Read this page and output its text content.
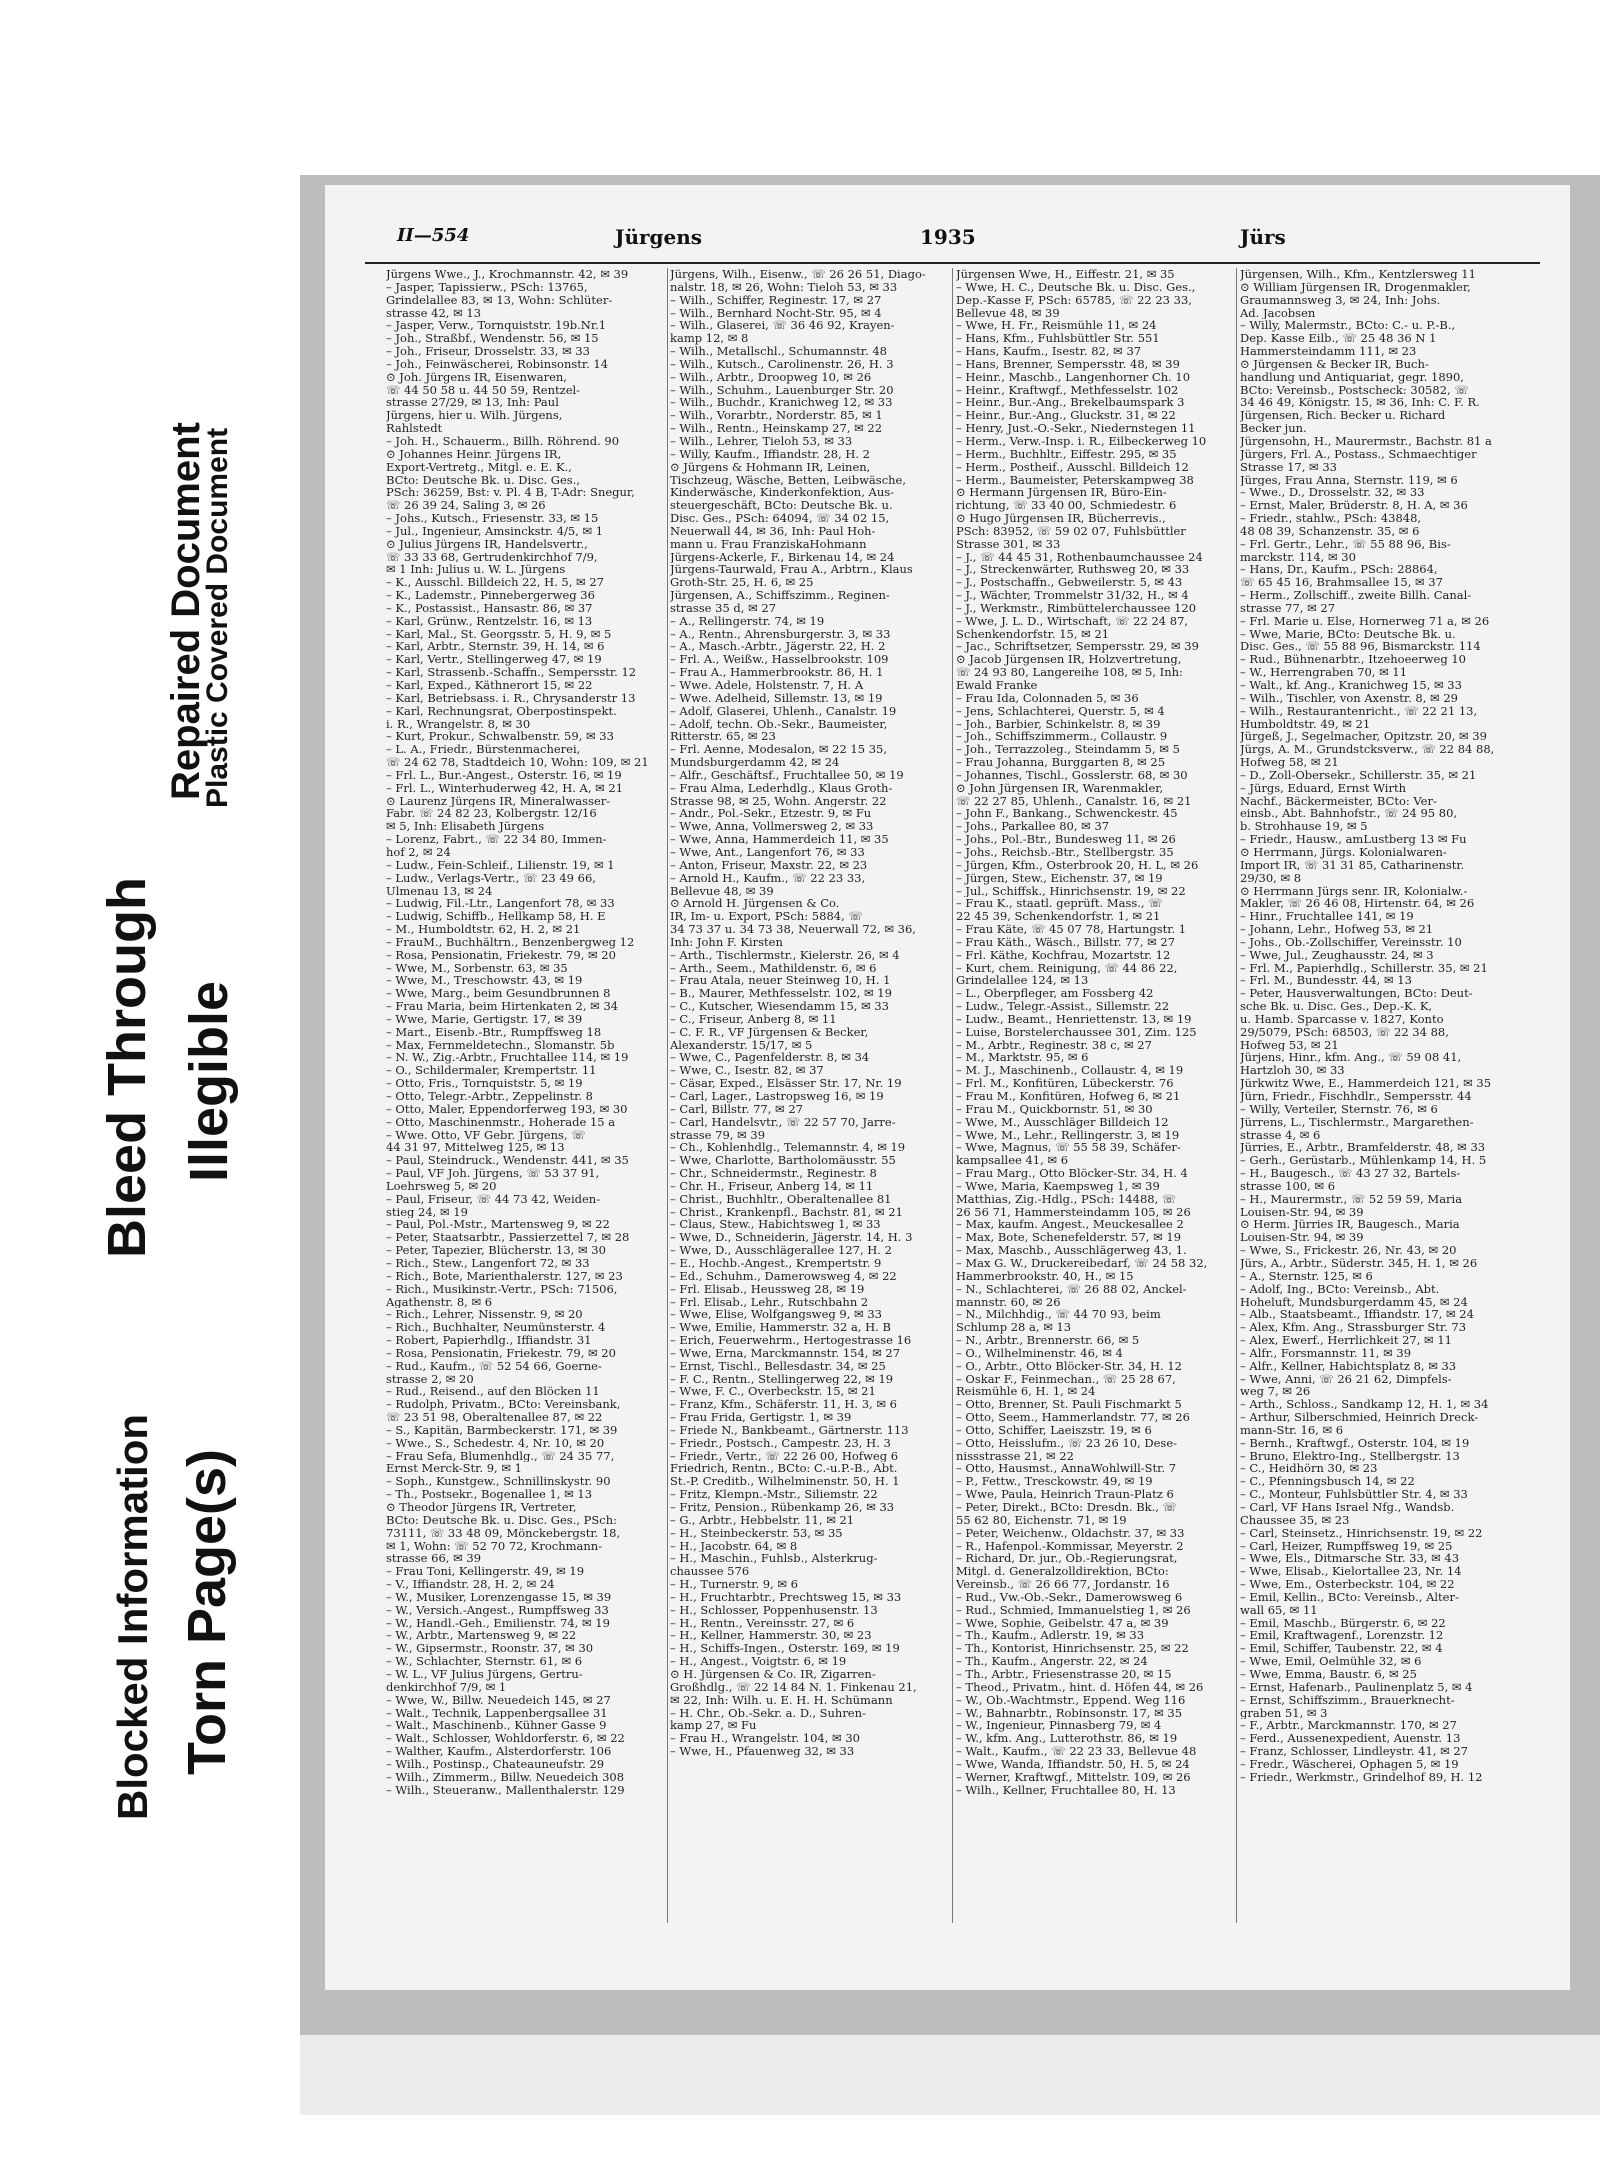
Repaired Document
Plastic Covered Document
Bleed Through Illegible
Blocked Information Torn Page(s)
II—554	Jürgens	1935	Jürs
Jürgens Wwe., J., Krochmannstr. 42, ✉ 39
– Jasper, Tapissierw., PSch: 13765,
Grindelallee 83, ✉ 13, Wohn: Schlüter-
strasse 42, ✉ 13
– Jasper, Verw., Tornquiststr. 19b.Nr.1
– Joh., Straßbf., Wendenstr. 56, ✉ 15
– Joh., Friseur, Drosselstr. 33, ✉ 33
– Joh., Feinwäscherei, Robinsonstr. 14
⊙ Joh. Jürgens IR, Eisenwaren,
☏ 44 50 58 u. 44 50 59, Rentzel-
strasse 27/29, ✉ 13, Inh: Paul
Jürgens, hier u. Wilh. Jürgens,
Rahlstedt
– Joh. H., Schauerm., Billh. Röhrend. 90
⊙ Johannes Heinr. Jürgens IR,
Export-Vertretg., Mitgl. e. E. K.,
BCto: Deutsche Bk. u. Disc. Ges.,
PSch: 36259, Bst: v. Pl. 4 B, T-Adr: Snegur,
☏ 26 39 24, Saling 3, ✉ 26
– Johs., Kutsch., Friesenstr. 33, ✉ 15
– Jul., Ingenieur, Amsinckstr. 4/5, ✉ 1
⊙ Julius Jürgens IR, Handelsvertr.,
☏ 33 33 68, Gertrudenkirchhof 7/9,
✉ 1 Inh: Julius u. W. L. Jürgens
– K., Ausschl. Billdeich 22, H. 5, ✉ 27
– K., Lademstr., Pinnebergerweg 36
– K., Postassist., Hansastr. 86, ✉ 37
– Karl, Grünw., Rentzelstr. 16, ✉ 13
– Karl, Mal., St. Georgsstr. 5, H. 9, ✉ 5
– Karl, Arbtr., Sternstr. 39, H. 14, ✉ 6
– Karl, Vertr., Stellingerweg 47, ✉ 19
– Karl, Strassenb.-Schaffn., Sempersstr. 12
– Karl, Exped., Käthnerort 15, ✉ 22
– Karl, Betriebsass. i. R., Chrysanderstr 13
– Karl, Rechnungsrat, Oberpostinspekt.
i. R., Wrangelstr. 8, ✉ 30
– Kurt, Prokur., Schwalbenstr. 59, ✉ 33
– L. A., Friedr., Bürstenmacherei,
☏ 24 62 78, Stadtdeich 10, Wohn: 109, ✉ 21
– Frl. L., Bur.-Angest., Osterstr. 16, ✉ 19
– Frl. L., Winterhuderweg 42, H. A, ✉ 21
⊙ Laurenz Jürgens IR, Mineralwasser-
Fabr. ☏ 24 82 23, Kolbergstr. 12/16
✉ 5, Inh: Elisabeth Jürgens
– Lorenz, Fabrt., ☏ 22 34 80, Immen-
hof 2, ✉ 24
– Ludw., Fein-Schleif., Lilienstr. 19, ✉ 1
– Ludw., Verlags-Vertr., ☏ 23 49 66,
Ulmenau 13, ✉ 24
– Ludwig, Fil.-Ltr., Langenfort 78, ✉ 33
– Ludwig, Schiffb., Hellkamp 58, H. E
– M., Humboldtstr. 62, H. 2, ✉ 21
– FrauM., Buchhältrn., Benzenbergweg 12
– Rosa, Pensionatin, Friekestr. 79, ✉ 20
– Wwe, M., Sorbenstr. 63, ✉ 35
– Wwe, M., Treschowstr. 43, ✉ 19
– Wwe, Marg., beim Gesundbrunnen 8
– Frau Maria, beim Hirtenkaten 2, ✉ 34
– Wwe, Marie, Gertigstr. 17, ✉ 39
– Mart., Eisenb.-Btr., Rumpffsweg 18
– Max, Fernmeldetechn., Slomanstr. 5b
– N. W., Zig.-Arbtr., Fruchtallee 114, ✉ 19
– O., Schildermaler, Krempertstr. 11
– Otto, Fris., Tornquiststr. 5, ✉ 19
– Otto, Telegr.-Arbtr., Zeppelinstr. 8
– Otto, Maler, Eppendorferweg 193, ✉ 30
– Otto, Maschinenmstr., Hoherade 15 a
– Wwe. Otto, VF Gebr. Jürgens, ☏
44 31 97, Mittelweg 125, ✉ 13
– Paul, Steindruck., Wendenstr. 441, ✉ 35
– Paul, VF Joh. Jürgens, ☏ 53 37 91,
Loehrsweg 5, ✉ 20
– Paul, Friseur, ☏ 44 73 42, Weiden-
stieg 24, ✉ 19
– Paul, Pol.-Mstr., Martensweg 9, ✉ 22
– Peter, Staatsarbtr., Passierzettel 7, ✉ 28
– Peter, Tapezier, Blücherstr. 13, ✉ 30
– Rich., Stew., Langenfort 72, ✉ 33
– Rich., Bote, Marienthalerstr. 127, ✉ 23
– Rich., Musikinstr.-Vertr., PSch: 71506,
Agathenstr. 8, ✉ 6
– Rich., Lehrer, Nissenstr. 9, ✉ 20
– Rich., Buchhalter, Neumünsterstr. 4
– Robert, Papierhdlg., Iffiandstr. 31
– Rosa, Pensionatin, Friekestr. 79, ✉ 20
– Rud., Kaufm., ☏ 52 54 66, Goerne-
strasse 2, ✉ 20
– Rud., Reisend., auf den Blöcken 11
– Rudolph, Privatm., BCto: Vereinsbank,
☏ 23 51 98, Oberaltenallee 87, ✉ 22
– S., Kapitän, Barmbeckerstr. 171, ✉ 39
– Wwe., S., Schedestr. 4, Nr. 10, ✉ 20
– Frau Sefa, Blumenhdlg., ☏ 24 35 77,
Ernst Merck-Str. 9, ✉ 1
– Soph., Kunstgew., Schnillinskystr. 90
– Th., Postsekr., Bogenallee 1, ✉ 13
⊙ Theodor Jürgens IR, Vertreter,
BCto: Deutsche Bk. u. Disc. Ges., PSch:
73111, ☏ 33 48 09, Mönckebergstr. 18,
✉ 1, Wohn: ☏ 52 70 72, Krochmann-
strasse 66, ✉ 39
– Frau Toni, Kellingerstr. 49, ✉ 19
– V., Iffiandstr. 28, H. 2, ✉ 24
– W., Musiker, Lorenzengasse 15, ✉ 39
– W., Versich.-Angest., Rumpffsweg 33
– W., Handl.-Geh., Emilienstr. 74, ✉ 19
– W., Arbtr., Martensweg 9, ✉ 22
– W., Gipsermstr., Roonstr. 37, ✉ 30
– W., Schlachter, Sternstr. 61, ✉ 6
– W. L., VF Julius Jürgens, Gertru-
denkirchhof 7/9, ✉ 1
– Wwe, W., Billw. Neuedeich 145, ✉ 27
– Walt., Technik, Lappenbergsallee 31
– Walt., Maschinenb., Kühner Gasse 9
– Walt., Schlosser, Wohldorferstr. 6, ✉ 22
– Walther, Kaufm., Alsterdorferstr. 106
– Wilh., Postinsp., Chateauneufstr. 29
– Wilh., Zimmerm., Billw. Neuedeich 308
– Wilh., Steueranw., Mallenthalerstr. 129
Jürgens, Wilh., Eisenw., ☏ 26 26 51, Diago-
nalstr. 18, ✉ 26, Wohn: Tieloh 53, ✉ 33
– Wilh., Schiffer, Reginestr. 17, ✉ 27
– Wilh., Bernhard Nocht-Str. 95, ✉ 4
– Wilh., Glaserei, ☏ 36 46 92, Krayen-
kamp 12, ✉ 8
– Wilh., Metallschl., Schumannstr. 48
– Wilh., Kutsch., Carolinenstr. 26, H. 3
– Wilh., Arbtr., Droopweg 10, ✉ 26
– Wilh., Schuhm., Lauenburger Str. 20
– Wilh., Buchdr., Kranichweg 12, ✉ 33
– Wilh., Vorarbtr., Norderstr. 85, ✉ 1
– Wilh., Rentn., Heinskamp 27, ✉ 22
– Wilh., Lehrer, Tieloh 53, ✉ 33
– Willy, Kaufm., Iffiandstr. 28, H. 2
⊙ Jürgens & Hohmann IR, Leinen,
Tischzeug, Wäsche, Betten, Leibwäsche,
Kinderwäsche, Kinderkonfektion, Aus-
steuergeschäft, BCto: Deutsche Bk. u.
Disc. Ges., PSch: 64094, ☏ 34 02 15,
Neuerwall 44, ✉ 36, Inh: Paul Hoh-
mann u. Frau FranziskaHohmann
Jürgens-Ackerle, F., Birkenau 14, ✉ 24
Jürgens-Taurwald, Frau A., Arbtrn., Klaus
Groth-Str. 25, H. 6, ✉ 25
Jürgensen, A., Schiffszimm., Reginen-
strasse 35 d, ✉ 27
– A., Rellingerstr. 74, ✉ 19
– A., Rentn., Ahrensburgerstr. 3, ✉ 33
– A., Masch.-Arbtr., Jägerstr. 22, H. 2
– Frl. A., Weißw., Hasselbrookstr. 109
– Frau A., Hammerbrookstr. 86, H. 1
– Wwe. Adele, Holstenstr. 7, H. A
– Wwe. Adelheid, Sillemstr. 13, ✉ 19
– Adolf, Glaserei, Uhlenh., Canalstr. 19
– Adolf, techn. Ob.-Sekr., Baumeister,
Ritterstr. 65, ✉ 23
– Frl. Aenne, Modesalon, ✉ 22 15 35,
Mundsburgerdamm 42, ✉ 24
– Alfr., Geschäftsf., Fruchtallee 50, ✉ 19
– Frau Alma, Lederhdlg., Klaus Groth-
Strasse 98, ✉ 25, Wohn. Angerstr. 22
– Andr., Pol.-Sekr., Etzestr. 9, ✉ Fu
– Wwe, Anna, Vollmersweg 2, ✉ 33
– Wwe, Anna, Hammerdeich 11, ✉ 35
– Wwe, Ant., Langenfort 76, ✉ 33
– Anton, Friseur, Maxstr. 22, ✉ 23
– Arnold H., Kaufm., ☏ 22 23 33,
Bellevue 48, ✉ 39
⊙ Arnold H. Jürgensen & Co.
IR, Im- u. Export, PSch: 5884, ☏
34 73 37 u. 34 73 38, Neuerwall 72, ✉ 36,
Inh: John F. Kirsten
– Arth., Tischlermstr., Kielerstr. 26, ✉ 4
– Arth., Seem., Mathildenstr. 6, ✉ 6
– Frau Atala, neuer Steinweg 10, H. 1
– B., Maurer, Methfesselstr. 102, ✉ 19
– C., Kutscher, Wiesendamm 15, ✉ 33
– C., Friseur, Anberg 8, ✉ 11
– C. F. R., VF Jürgensen & Becker,
Alexanderstr. 15/17, ✉ 5
– Wwe, C., Pagenfelderstr. 8, ✉ 34
– Wwe, C., Isestr. 82, ✉ 37
– Cäsar, Exped., Elsässer Str. 17, Nr. 19
– Carl, Lager., Lastropsweg 16, ✉ 19
– Carl, Billstr. 77, ✉ 27
– Carl, Handelsvtr., ☏ 22 57 70, Jarre-
strasse 79, ✉ 39
– Ch., Kohlenhdlg., Telemannstr. 4, ✉ 19
– Wwe, Charlotte, Bartholomäusstr. 55
– Chr., Schneidermstr., Reginestr. 8
– Chr. H., Friseur, Anberg 14, ✉ 11
– Christ., Buchhltr., Oberaltenallee 81
– Christ., Krankenpfl., Bachstr. 81, ✉ 21
– Claus, Stew., Habichtsweg 1, ✉ 33
– Wwe, D., Schneiderin, Jägerstr. 14, H. 3
– Wwe, D., Ausschlägerallee 127, H. 2
– E., Hochb.-Angest., Krempertstr. 9
– Ed., Schuhm., Damerowsweg 4, ✉ 22
– Frl. Elisab., Heussweg 28, ✉ 19
– Frl. Elisab., Lehr., Rutschbahn 2
– Wwe, Elise, Wolfgangsweg 9, ✉ 33
– Wwe, Emilie, Hammerstr. 32 a, H. B
– Erich, Feuerwehrm., Hertogestrasse 16
– Wwe, Erna, Marckmannstr. 154, ✉ 27
– Ernst, Tischl., Bellesdastr. 34, ✉ 25
– F. C., Rentn., Stellingerweg 22, ✉ 19
– Wwe, F. C., Overbeckstr. 15, ✉ 21
– Franz, Kfm., Schäferstr. 11, H. 3, ✉ 6
– Frau Frida, Gertigstr. 1, ✉ 39
– Friede N., Bankbeamt., Gärtnerstr. 113
– Friedr., Postsch., Campestr. 23, H. 3
– Friedr., Vertr., ☏ 22 26 00, Hofweg 6
Friedrich, Rentn., BCto: C.-u.P.-B., Abt.
St.-P. Creditb., Wilhelminenstr. 50, H. 1
– Fritz, Klempn.-Mstr., Siliemstr. 22
– Fritz, Pension., Rübenkamp 26, ✉ 33
– G., Arbtr., Hebbelstr. 11, ✉ 21
– H., Steinbeckerstr. 53, ✉ 35
– H., Jacobstr. 64, ✉ 8
– H., Maschin., Fuhlsb., Alsterkrug-
chaussee 576
– H., Turnerstr. 9, ✉ 6
– H., Fruchtarbtr., Prechtsweg 15, ✉ 33
– H., Schlosser, Poppenhusenstr. 13
– H., Rentn., Vereinsstr. 27, ✉ 6
– H., Kellner, Hammerstr. 30, ✉ 23
– H., Schiffs-Ingen., Osterstr. 169, ✉ 19
– H., Angest., Voigtstr. 6, ✉ 19
⊙ H. Jürgensen & Co. IR, Zigarren-
Großhdlg., ☏ 22 14 84 N. 1. Finkenau 21,
✉ 22, Inh: Wilh. u. E. H. H. Schümann
– H. Chr., Ob.-Sekr. a. D., Suhren-
kamp 27, ✉ Fu
– Frau H., Wrangelstr. 104, ✉ 30
– Wwe, H., Pfauenweg 32, ✉ 33
Jürgensen Wwe, H., Eiffestr. 21, ✉ 35
– Wwe, H. C., Deutsche Bk. u. Disc. Ges.,
Dep.-Kasse F, PSch: 65785, ☏ 22 23 33,
Bellevue 48, ✉ 39
– Wwe, H. Fr., Reismühle 11, ✉ 24
– Hans, Kfm., Fuhlsbüttler Str. 551
– Hans, Kaufm., Isestr. 82, ✉ 37
– Hans, Brenner, Sempersstr. 48, ✉ 39
– Heinr., Maschb., Langenhorner Ch. 10
– Heinr., Kraftwgf., Methfesselstr. 102
– Heinr., Bur.-Ang., Brekelbaumspark 3
– Heinr., Bur.-Ang., Gluckstr. 31, ✉ 22
– Henry, Just.-O.-Sekr., Niedernstegen 11
– Herm., Verw.-Insp. i. R., Eilbeckerweg 10
– Herm., Buchhltr., Eiffestr. 295, ✉ 35
– Herm., Postheif., Ausschl. Billdeich 12
– Herm., Baumeister, Peterskampweg 38
⊙ Hermann Jürgensen IR, Büro-Ein-
richtung, ☏ 33 40 00, Schmiedestr. 6
⊙ Hugo Jürgensen IR, Bücherrevis.,
PSch: 83952, ☏ 59 02 07, Fuhlsbüttler
Strasse 301, ✉ 33
– J., ☏ 44 45 31, Rothenbaumchaussee 24
– J., Streckenwärter, Ruthsweg 20, ✉ 33
– J., Postschaffn., Gebweilerstr. 5, ✉ 43
– J., Wächter, Trommelstr 31/32, H., ✉ 4
– J., Werkmstr., Rimbüttelerchaussee 120
– Wwe, J. L. D., Wirtschaft, ☏ 22 24 87,
Schenkendorfstr. 15, ✉ 21
– Jac., Schriftsetzer, Sempersstr. 29, ✉ 39
⊙ Jacob Jürgensen IR, Holzvertretung,
☏ 24 93 80, Langereihe 108, ✉ 5, Inh:
Ewald Franke
– Frau Ida, Colonnaden 5, ✉ 36
– Jens, Schlachterei, Querstr. 5, ✉ 4
– Joh., Barbier, Schinkelstr. 8, ✉ 39
– Joh., Schiffszimmerm., Collaustr. 9
– Joh., Terrazzoleg., Steindamm 5, ✉ 5
– Frau Johanna, Burggarten 8, ✉ 25
– Johannes, Tischl., Gosslerstr. 68, ✉ 30
⊙ John Jürgensen IR, Warenmakler,
☏ 22 27 85, Uhlenh., Canalstr. 16, ✉ 21
– John F., Bankang., Schwenckestr. 45
– Johs., Parkallee 80, ✉ 37
– Johs., Pol.-Btr., Bundesweg 11, ✉ 26
– Johs., Reichsb.-Btr., Stellbergstr. 35
– Jürgen, Kfm., Osterbrook 20, H. L, ✉ 26
– Jürgen, Stew., Eichenstr. 37, ✉ 19
– Jul., Schiffsk., Hinrichsenstr. 19, ✉ 22
– Frau K., staatl. geprüft. Mass., ☏
22 45 39, Schenkendorfstr. 1, ✉ 21
– Frau Käte, ☏ 45 07 78, Hartungstr. 1
– Frau Käth., Wäsch., Billstr. 77, ✉ 27
– Frl. Käthe, Kochfrau, Mozartstr. 12
– Kurt, chem. Reinigung, ☏ 44 86 22,
Grindelallee 124, ✉ 13
– L., Oberpfleger, am Fossberg 42
– Ludw., Telegr.-Assist., Sillemstr. 22
– Ludw., Beamt., Henriettenstr. 13, ✉ 19
– Luise, Borstelerchaussee 301, Zim. 125
– M., Arbtr., Reginestr. 38 c, ✉ 27
– M., Marktstr. 95, ✉ 6
– M. J., Maschinenb., Collaustr. 4, ✉ 19
– Frl. M., Konfitüren, Lübeckerstr. 76
– Frau M., Konfitüren, Hofweg 6, ✉ 21
– Frau M., Quickbornstr. 51, ✉ 30
– Wwe, M., Ausschläger Billdeich 12
– Wwe, M., Lehr., Rellingerstr. 3, ✉ 19
– Wwe, Magnus, ☏ 55 58 39, Schäfer-
kampsallee 41, ✉ 6
– Frau Marg., Otto Blöcker-Str. 34, H. 4
– Wwe, Maria, Kaempsweg 1, ✉ 39
Matthias, Zig.-Hdlg., PSch: 14488, ☏
26 56 71, Hammersteindamm 105, ✉ 26
– Max, kaufm. Angest., Meuckesallee 2
– Max, Bote, Schenefelderstr. 57, ✉ 19
– Max, Maschb., Ausschlägerweg 43, 1.
– Max G. W., Druckereibedarf, ☏ 24 58 32,
Hammerbrookstr. 40, H., ✉ 15
– N., Schlachterei, ☏ 26 88 02, Anckel-
mannstr. 60, ✉ 26
– N., Milchhdig., ☏ 44 70 93, beim
Schlump 28 a, ✉ 13
– N., Arbtr., Brennerstr. 66, ✉ 5
– O., Wilhelminenstr. 46, ✉ 4
– O., Arbtr., Otto Blöcker-Str. 34, H. 12
– Oskar F., Feinmechan., ☏ 25 28 67,
Reismühle 6, H. 1, ✉ 24
– Otto, Brenner, St. Pauli Fischmarkt 5
– Otto, Seem., Hammerlandstr. 77, ✉ 26
– Otto, Schiffer, Laeiszstr. 19, ✉ 6
– Otto, Heisslufm., ☏ 23 26 10, Dese-
nissstrasse 21, ✉ 22
– Otto, Hausmst., AnnaWohlwill-Str. 7
– P., Fettw., Tresckowstr. 49, ✉ 19
– Wwe, Paula, Heinrich Traun-Platz 6
– Peter, Direkt., BCto: Dresdn. Bk., ☏
55 62 80, Eichenstr. 71, ✉ 19
– Peter, Weichenw., Oldachstr. 37, ✉ 33
– R., Hafenpol.-Kommissar, Meyerstr. 2
– Richard, Dr. jur., Ob.-Regierungsrat,
Mitgl. d. Generalzolldirektion, BCto:
Vereinsb., ☏ 26 66 77, Jordanstr. 16
– Rud., Vw.-Ob.-Sekr., Damerowsweg 6
– Rud., Schmied, Immanuelstieg 1, ✉ 26
– Wwe, Sophie, Geibelstr. 47 a, ✉ 39
– Th., Kaufm., Adlerstr. 19, ✉ 33
– Th., Kontorist, Hinrichsenstr. 25, ✉ 22
– Th., Kaufm., Angerstr. 22, ✉ 24
– Th., Arbtr., Friesenstrasse 20, ✉ 15
– Theod., Privatm., hint. d. Höfen 44, ✉ 26
– W., Ob.-Wachtmstr., Eppend. Weg 116
– W., Bahnarbtr., Robinsonstr. 17, ✉ 35
– W., Ingenieur, Pinnasberg 79, ✉ 4
– W., kfm. Ang., Lutterothstr. 86, ✉ 19
– Walt., Kaufm., ☏ 22 23 33, Bellevue 48
– Wwe, Wanda, Iffiandstr. 50, H. 5, ✉ 24
– Werner, Kraftwgf., Mittelstr. 109, ✉ 26
– Wilh., Kellner, Fruchtallee 80, H. 13
Jürgensen, Wilh., Kfm., Kentzlersweg 11
⊙ William Jürgensen IR, Drogenmakler,
Graumannsweg 3, ✉ 24, Inh: Johs.
Ad. Jacobsen
– Willy, Malermstr., BCto: C.- u. P.-B.,
Dep. Kasse Eilb., ☏ 25 48 36 N 1
Hammersteindamm 111, ✉ 23
⊙ Jürgensen & Becker IR, Buch-
handlung und Antiquariat, gegr. 1890,
BCto: Vereinsb., Postscheck: 30582, ☏
34 46 49, Königstr. 15, ✉ 36, Inh: C. F. R.
Jürgensen, Rich. Becker u. Richard
Becker jun.
Jürgensohn, H., Maurermstr., Bachstr. 81 a
Jürgers, Frl. A., Postass., Schmaechtiger
Strasse 17, ✉ 33
Jürges, Frau Anna, Sternstr. 119, ✉ 6
– Wwe., D., Drosselstr. 32, ✉ 33
– Ernst, Maler, Brüderstr. 8, H. A, ✉ 36
– Friedr., stahlw., PSch: 43848,
48 08 39, Schanzenstr. 35, ✉ 6
– Frl. Gertr., Lehr., ☏ 55 88 96, Bis-
marckstr. 114, ✉ 30
– Hans, Dr., Kaufm., PSch: 28864,
☏ 65 45 16, Brahmsallee 15, ✉ 37
– Herm., Zollschiff., zweite Billh. Canal-
strasse 77, ✉ 27
– Frl. Marie u. Else, Hornerweg 71 a, ✉ 26
– Wwe, Marie, BCto: Deutsche Bk. u.
Disc. Ges., ☏ 55 88 96, Bismarckstr. 114
– Rud., Bühnenarbtr., Itzehoeerweg 10
– W., Herrengraben 70, ✉ 11
– Walt., kf. Ang., Kranichweg 15, ✉ 33
– Wilh., Tischler, von Axenstr. 8, ✉ 29
– Wilh., Restaurantenricht., ☏ 22 21 13,
Humboldtstr. 49, ✉ 21
Jürgeß, J., Segelmacher, Opitzstr. 20, ✉ 39
Jürgs, A. M., Grundstcksverw., ☏ 22 84 88,
Hofweg 58, ✉ 21
– D., Zoll-Obersekr., Schillerstr. 35, ✉ 21
– Jürgs, Eduard, Ernst Wirth
Nachf., Bäckermeister, BCto: Ver-
einsb., Abt. Bahnhofstr., ☏ 24 95 80,
b. Strohhause 19, ✉ 5
– Friedr., Hausw., amLustberg 13 ✉ Fu
⊙ Herrmann, Jürgs. Kolonialwaren-
Import IR, ☏ 31 31 85, Catharinenstr.
29/30, ✉ 8
⊙ Herrmann Jürgs senr. IR, Kolonialw.-
Makler, ☏ 26 46 08, Hirtenstr. 64, ✉ 26
– Hinr., Fruchtallee 141, ✉ 19
– Johann, Lehr., Hofweg 53, ✉ 21
– Johs., Ob.-Zollschiffer, Vereinsstr. 10
– Wwe, Jul., Zeughausstr. 24, ✉ 3
– Frl. M., Papierhdlg., Schillerstr. 35, ✉ 21
– Frl. M., Bundesstr. 44, ✉ 13
– Peter, Hausverwaltungen, BCto: Deut-
sche Bk. u. Disc. Ges., Dep.-K. K,
u. Hamb. Sparcasse v. 1827, Konto
29/5079, PSch: 68503, ☏ 22 34 88,
Hofweg 53, ✉ 21
Jürjens, Hinr., kfm. Ang., ☏ 59 08 41,
Hartzloh 30, ✉ 33
Jürkwitz Wwe, E., Hammerdeich 121, ✉ 35
Jürn, Friedr., Fischhdlr., Sempersstr. 44
– Willy, Verteiler, Sternstr. 76, ✉ 6
Jürrens, L., Tischlermstr., Margarethen-
strasse 4, ✉ 6
Jürries, E., Arbtr., Bramfelderstr. 48, ✉ 33
– Gerh., Gerüstarb., Mühlenkamp 14, H. 5
– H., Baugesch., ☏ 43 27 32, Bartels-
strasse 100, ✉ 6
– H., Maurermstr., ☏ 52 59 59, Maria
Louisen-Str. 94, ✉ 39
⊙ Herm. Jürries IR, Baugesch., Maria
Louisen-Str. 94, ✉ 39
– Wwe, S., Frickestr. 26, Nr. 43, ✉ 20
Jürs, A., Arbtr., Süderstr. 345, H. 1, ✉ 26
– A., Sternstr. 125, ✉ 6
– Adolf, Ing., BCto: Vereinsb., Abt.
Hoheluft, Mundsburgerdamm 45, ✉ 24
– Alb., Staatsbeamt., Iffiandstr. 17, ✉ 24
– Alex, Kfm. Ang., Strassburger Str. 73
– Alex, Ewerf., Herrlichkeit 27, ✉ 11
– Alfr., Forsmannstr. 11, ✉ 39
– Alfr., Kellner, Habichtsplatz 8, ✉ 33
– Wwe, Anni, ☏ 26 21 62, Dimpfels-
weg 7, ✉ 26
– Arth., Schloss., Sandkamp 12, H. 1, ✉ 34
– Arthur, Silberschmied, Heinrich Dreck-
mann-Str. 16, ✉ 6
– Bernh., Kraftwgf., Osterstr. 104, ✉ 19
– Bruno, Elektro-Ing., Stellbergstr. 13
– C., Heidhörn 30, ✉ 23
– C., Pfenningsbusch 14, ✉ 22
– C., Monteur, Fuhlsbüttler Str. 4, ✉ 33
– Carl, VF Hans Israel Nfg., Wandsb.
Chaussee 35, ✉ 23
– Carl, Steinsetz., Hinrichsenstr. 19, ✉ 22
– Carl, Heizer, Rumpffsweg 19, ✉ 25
– Wwe, Els., Ditmarsche Str. 33, ✉ 43
– Wwe, Elisab., Kielortallee 23, Nr. 14
– Wwe, Em., Osterbeckstr. 104, ✉ 22
– Emil, Kellin., BCto: Vereinsb., Alter-
wall 65, ✉ 11
– Emil, Maschb., Bürgerstr. 6, ✉ 22
– Emil, Kraftwagenf., Lorenzstr. 12
– Emil, Schiffer, Taubenstr. 22, ✉ 4
– Wwe, Emil, Oelmühle 32, ✉ 6
– Wwe, Emma, Baustr. 6, ✉ 25
– Ernst, Hafenarb., Paulinenplatz 5, ✉ 4
– Ernst, Schiffszimm., Brauerknecht-
graben 51, ✉ 3
– F., Arbtr., Marckmannstr. 170, ✉ 27
– Ferd., Aussenexpedient, Auenstr. 13
– Franz, Schlosser, Lindleystr. 41, ✉ 27
– Fredr., Wäscherei, Ophagen 5, ✉ 19
– Friedr., Werkmstr., Grindelhof 89, H. 12
